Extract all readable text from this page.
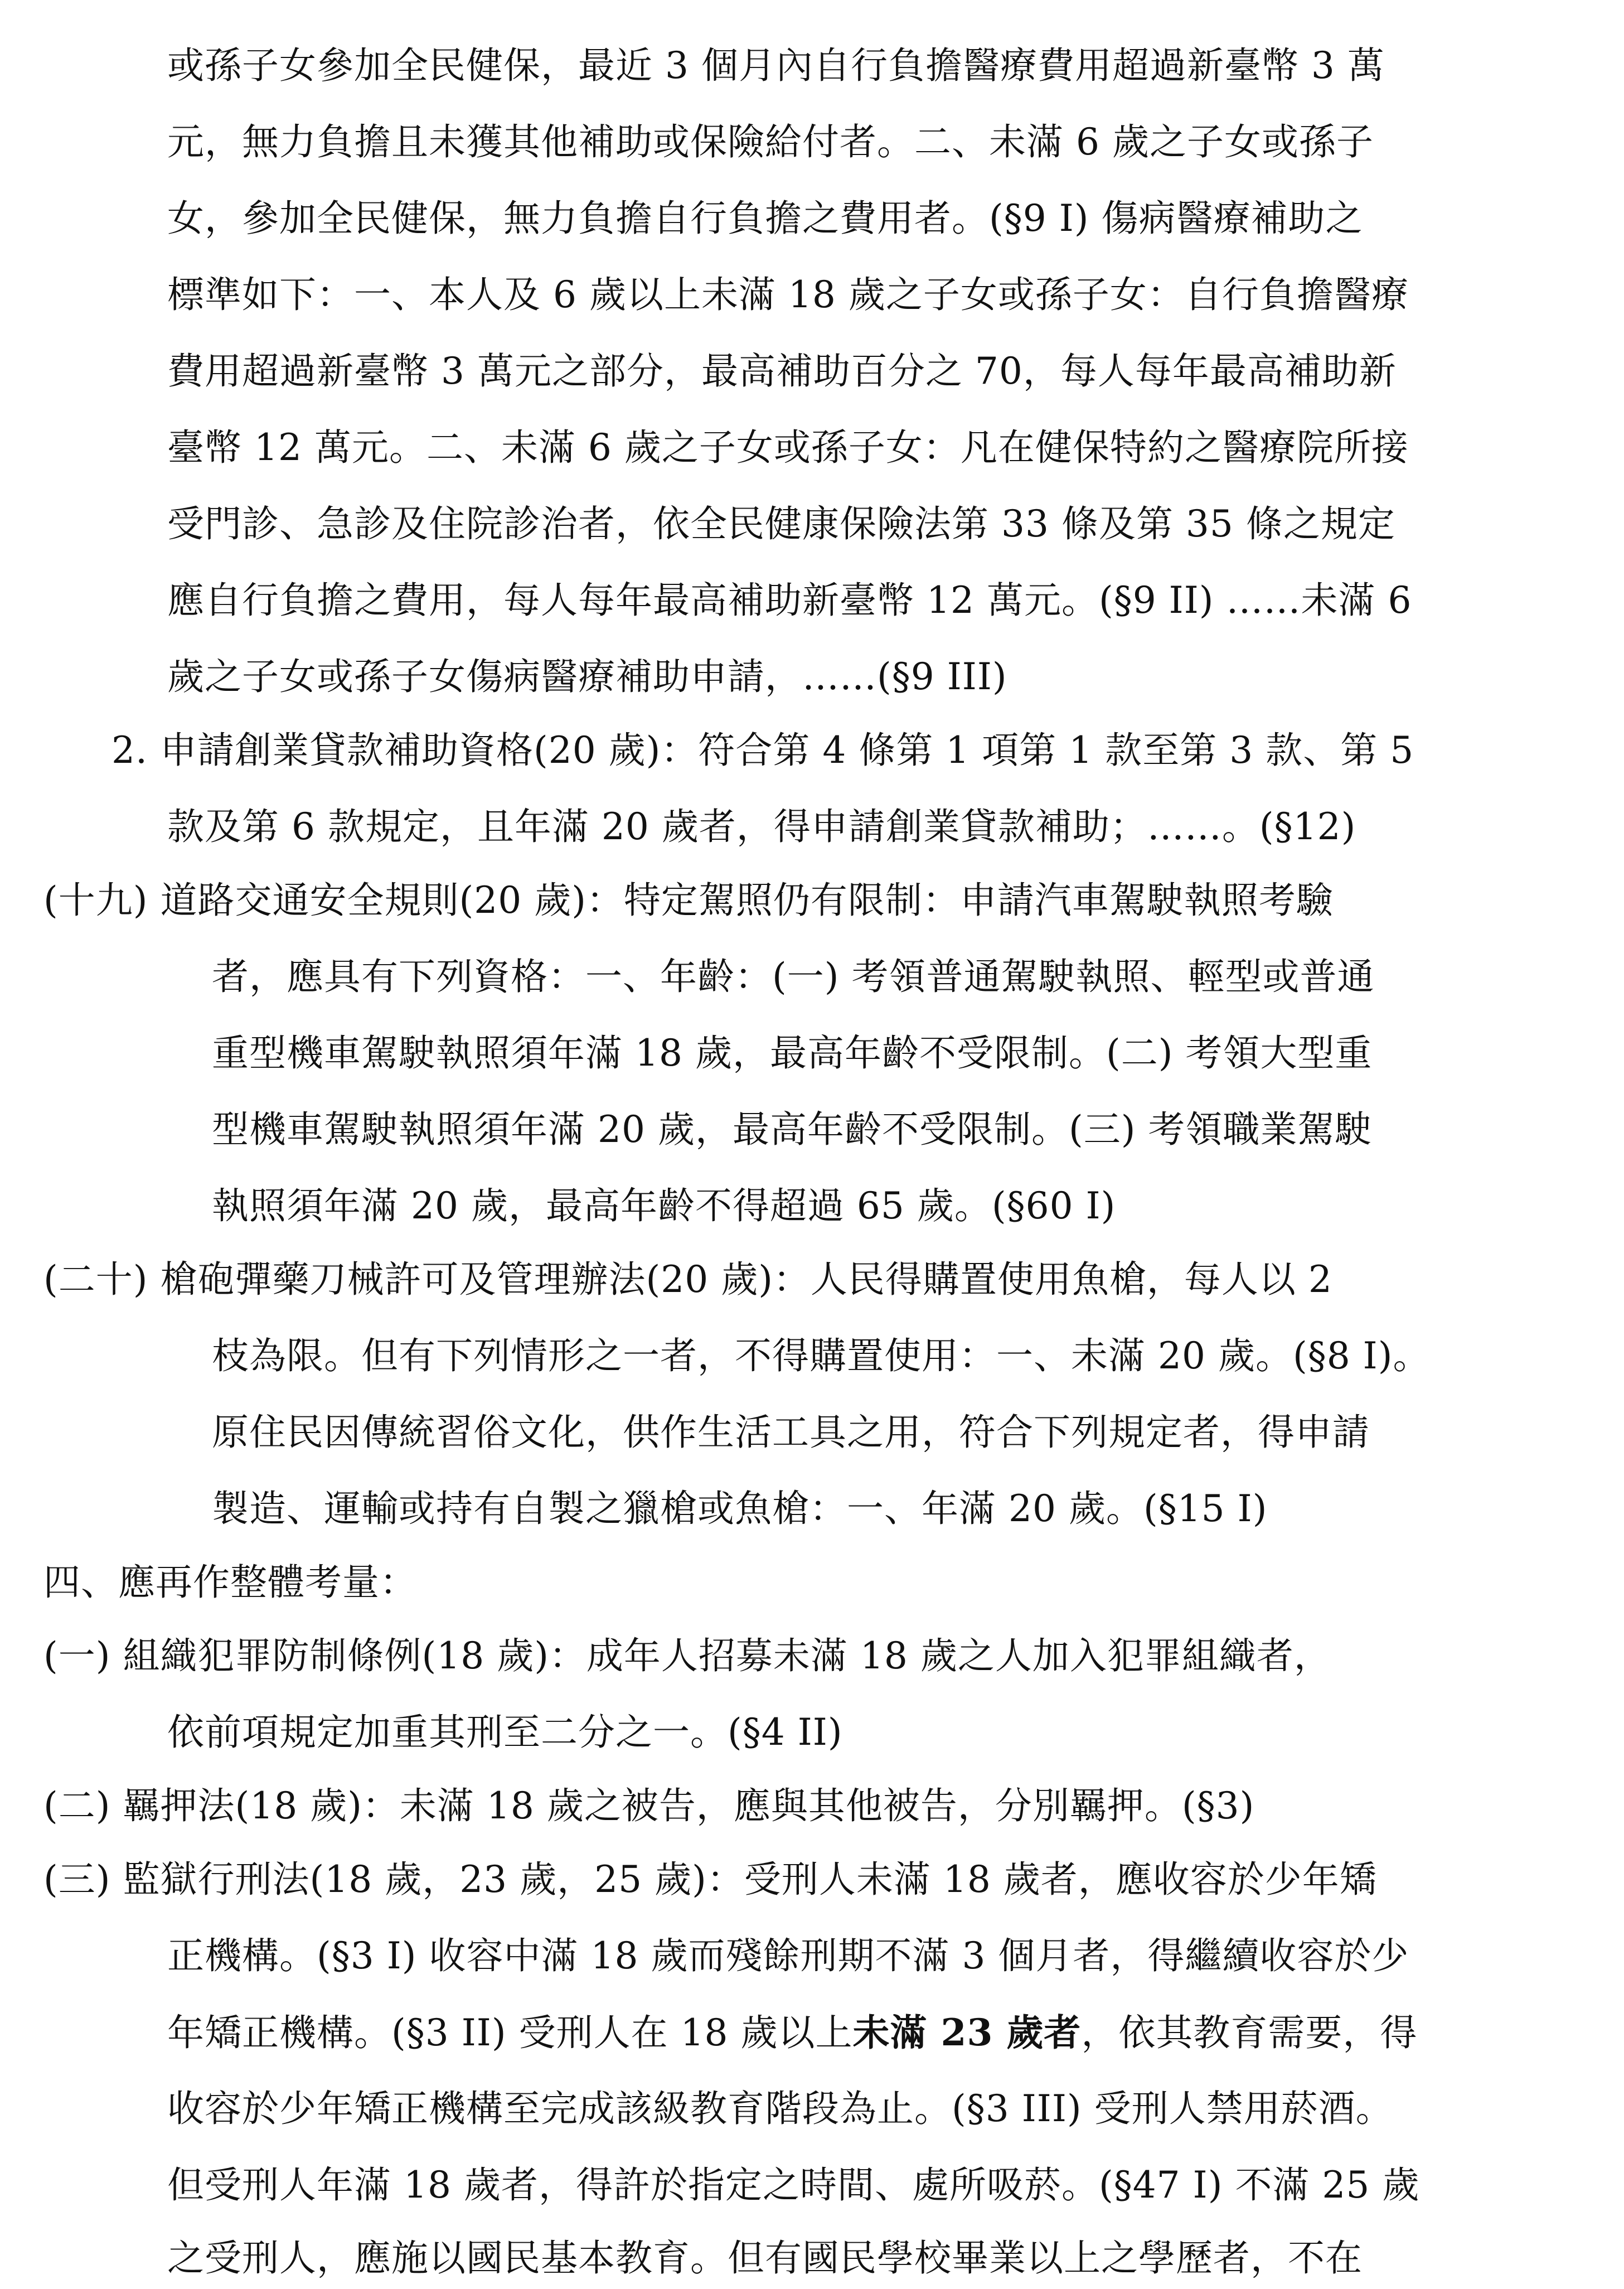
或孫子女參加全民健保，最近 3 個月內自行負擔醫療費用超過新臺幣 3 萬
元，無力負擔且未獲其他補助或保險給付者。二、未滿 6 歲之子女或孫子
女，參加全民健保，無力負擔自行負擔之費用者。(§9 I) 傷病醫療補助之
標準如下：一、本人及 6 歲以上未滿 18 歲之子女或孫子女：自行負擔醫療
費用超過新臺幣 3 萬元之部分，最高補助百分之 70，每人每年最高補助新
臺幣 12 萬元。二、未滿 6 歲之子女或孫子女：凡在健保特約之醫療院所接
受門診、急診及住院診治者，依全民健康保險法第 33 條及第 35 條之規定
應自行負擔之費用，每人每年最高補助新臺幣 12 萬元。(§9 II) ……未滿 6
歲之子女或孫子女傷病醫療補助申請，……(§9 III)
2. 申請創業貸款補助資格(20 歲)：符合第 4 條第 1 項第 1 款至第 3 款、第 5
款及第 6 款規定，且年滿 20 歲者，得申請創業貸款補助；……。(§12)
(十九) 道路交通安全規則(20 歲)：特定駕照仍有限制：申請汽車駕駛執照考驗
者，應具有下列資格：一、年齡：(一) 考領普通駕駛執照、輕型或普通
重型機車駕駛執照須年滿 18 歲，最高年齡不受限制。(二) 考領大型重
型機車駕駛執照須年滿 20 歲，最高年齡不受限制。(三) 考領職業駕駛
執照須年滿 20 歲，最高年齡不得超過 65 歲。(§60 I)
(二十) 槍砲彈藥刀械許可及管理辦法(20 歲)：人民得購置使用魚槍，每人以 2
枝為限。但有下列情形之一者，不得購置使用：一、未滿 20 歲。(§8 I)。
原住民因傳統習俗文化，供作生活工具之用，符合下列規定者，得申請
製造、運輸或持有自製之獵槍或魚槍：一、年滿 20 歲。(§15 I)
四、應再作整體考量：
(一) 組織犯罪防制條例(18 歲)：成年人招募未滿 18 歲之人加入犯罪組織者，
依前項規定加重其刑至二分之一。(§4 II)
(二) 羈押法(18 歲)：未滿 18 歲之被告，應與其他被告，分別羈押。(§3)
(三) 監獄行刑法(18 歲，23 歲，25 歲)：受刑人未滿 18 歲者，應收容於少年矯
正機構。(§3 I) 收容中滿 18 歲而殘餘刑期不滿 3 個月者，得繼續收容於少
年矯正機構。(§3 II) 受刑人在 18 歲以上未滿 23 歲者，依其教育需要，得
收容於少年矯正機構至完成該級教育階段為止。(§3 III) 受刑人禁用菸酒。
但受刑人年滿 18 歲者，得許於指定之時間、處所吸菸。(§47 I) 不滿 25 歲
之受刑人，應施以國民基本教育。但有國民學校畢業以上之學歷者，不在
